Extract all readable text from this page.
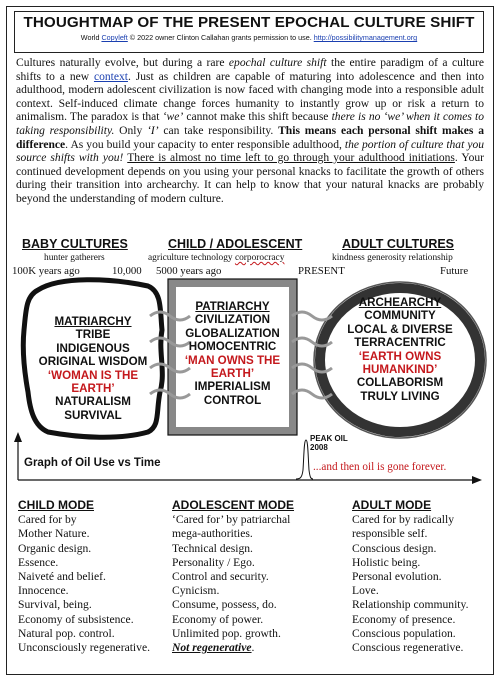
THOUGHTMAP OF THE PRESENT EPOCHAL CULTURE SHIFT
World Copyleft © 2022 owner Clinton Callahan grants permission to use. http://possibilitymanagement.org
Cultures naturally evolve, but during a rare epochal culture shift the entire paradigm of a culture shifts to a new context. Just as children are capable of maturing into adolescence and then into adulthood, modern adolescent civilization is now faced with changing mode into a responsible adult context. Self-induced climate change forces humanity to instantly grow up or risk a return to animalism. The paradox is that ‘we’ cannot make this shift because there is no ‘we’ when it comes to taking responsibility. Only ‘I’ can take responsibility. This means each personal shift makes a difference. As you build your capacity to enter responsible adulthood, the portion of culture that you source shifts with you! There is almost no time left to go through your adulthood initiations. Your continued development depends on you using your personal knacks to facilitate the growth of others during their transition into archearchy. It can help to know that your natural knacks are probably beyond the understanding of modern culture.
BABY CULTURES	CHILD / ADOLESCENT	ADULT CULTURES
hunter gatherers	agriculture technology corporocracy	kindness generosity relationship
100K years ago	10,000 5000 years ago	PRESENT	Future
MATRIARCHY
TRIBE
INDIGENOUS
ORIGINAL WISDOM
‘WOMAN IS THE
EARTH’
NATURALISM
SURVIVAL
PATRIARCHY
CIVILIZATION
GLOBALIZATION
HOMOCENTRIC
‘MAN OWNS THE
EARTH’
IMPERIALISM
CONTROL
ARCHEARCHY
COMMUNITY
LOCAL & DIVERSE
TERRACENTRIC
‘EARTH OWNS
HUMANKIND’
COLLABORISM
TRULY LIVING
Graph of Oil Use vs Time
PEAK OIL
2008
...and then oil is gone forever.
CHILD MODE
Cared for by
Mother Nature.
Organic design.
Essence.
Naiveté and belief.
Innocence.
Survival, being.
Economy of subsistence.
Natural pop. control.
Unconsciously regenerative.
ADOLESCENT MODE
‘Cared for’ by patriarchal
mega-authorities.
Technical design.
Personality / Ego.
Control and security.
Cynicism.
Consume, possess, do.
Economy of power.
Unlimited pop. growth.
Not regenerative.
ADULT MODE
Cared for by radically
responsible self.
Conscious design.
Holistic being.
Personal evolution.
Love.
Relationship community.
Economy of presence.
Conscious population.
Conscious regenerative.
